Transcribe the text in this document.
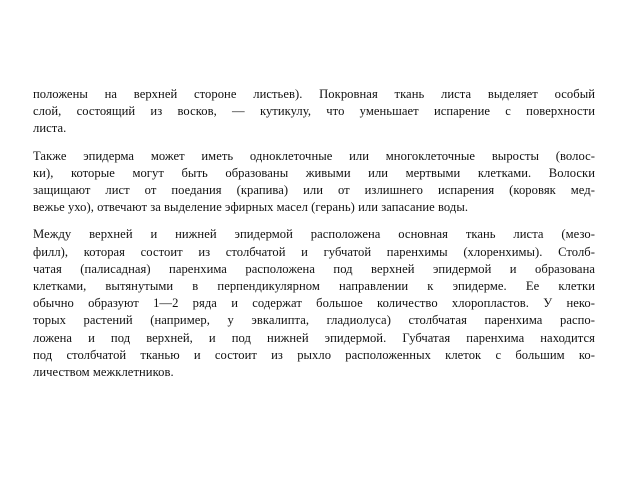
положены на верхней стороне листьев). Покровная ткань листа выделяет особый
слой, состоящий из восков, — кутикулу, что уменьшает испарение с поверхности
листа.

Также эпидерма может иметь одноклеточные или многоклеточные выросты (волос-
ки), которые могут быть образованы живыми или мертвыми клетками. Волоски
защищают лист от поедания (крапива) или от излишнего испарения (коровяк мед-
вежье ухо), отвечают за выделение эфирных масел (герань) или запасание воды.

Между верхней и нижней эпидермой расположена основная ткань листа (мезо-
филл), которая состоит из столбчатой и губчатой паренхимы (хлоренхимы). Столб-
чатая (палисадная) паренхима расположена под верхней эпидермой и образована
клетками, вытянутыми в перпендикулярном направлении к эпидерме. Ее клетки
обычно образуют 1—2 ряда и содержат большое количество хлоропластов. У неко-
торых растений (например, у эвкалипта, гладиолуса) столбчатая паренхима распо-
ложена и под верхней, и под нижней эпидермой. Губчатая паренхима находится
под столбчатой тканью и состоит из рыхло расположенных клеток с большим ко-
личеством межклетников.
